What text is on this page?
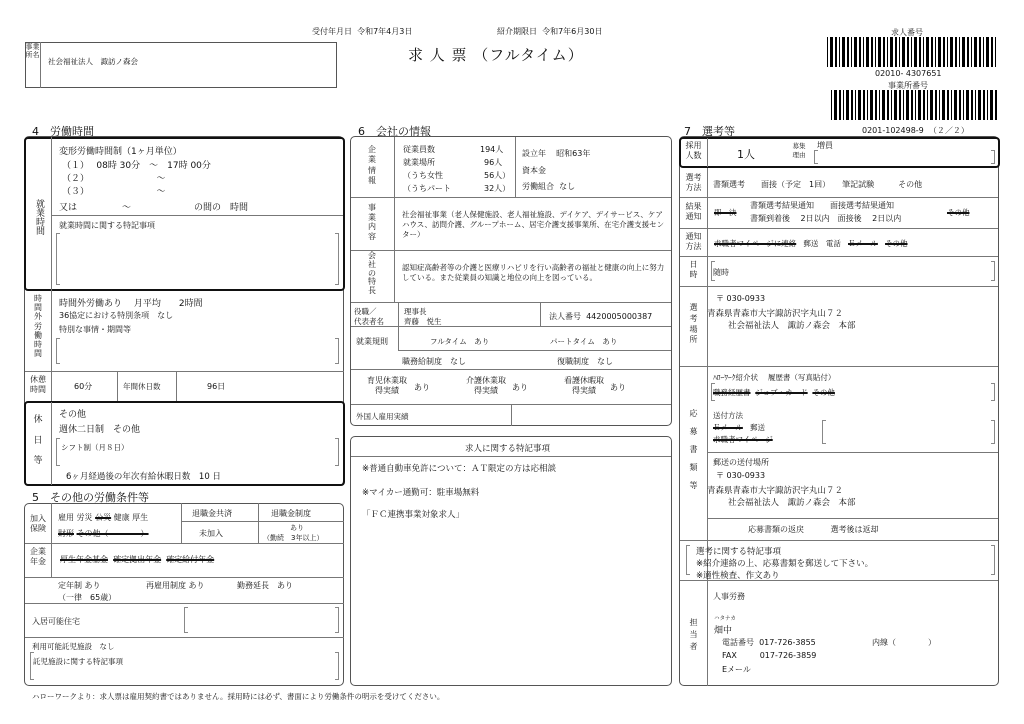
受付年月日 令和7年4月3日	紹介期限日 令和7年6月30日
求 人 票 （フルタイム）
事業所名
社会福祉法人　諏訪ノ森会
求人番号
02010- 4307651
事業所番号
0201-102498-9 （２／２）
4　労働時間
就業時間
変形労働時間制（1ヶ月単位）
（１）　 08時 30分　～　17時 00分
（２）　　　　　　　　～
（３）　　　　　　　　～
又は　　　　　～　　　　　　　の間の　時間
就業時間に関する特記事項
時
間
外
労
働
時
間
時間外労働あり　 月平均　　2時間
36協定における特別条項　なし
特別な事情・期間等
休憩
時間	60分	年間休日数	96日
休
日
等
その他
週休二日制　その他
シフト制（月８日）
6ヶ月経過後の年次有給休暇日数　10 日
5　その他の労働条件等
加入
保険
雇用 労災 公災 健康 厚生
財形 その他（　　　　）
退職金共済	退職金制度
未加入
あり
（勤続　3年以上）
企業
年金	厚生年金基金 確定拠出年金 確定給付年金
定年制 あり
（一律　65歳）
再雇用制度 あり	勤務延長　あり
入居可能住宅
利用可能託児施設　なし
託児施設に関する特記事項
6　会社の情報
企
業
情
報
従業員数	194人
就業場所	96人
（うち女性	56人）
（うちパート	32人）
設立年 昭和63年
資本金
労働組合 なし
事
業
内
容
社会福祉事業（老人保健施設、老人福祉施設、デイケア、デイサービス、ケアハウス、訪問介護、グループホーム、居宅介護支援事業所、在宅介護支援センター）
会
社
の
特
長
認知症高齢者等の介護と医療リハビリを行い高齢者の福祉と健康の向上に努力している。また従業員の知識と地位の向上を図っている。
役職／
代表者名
理事長
齊藤　悦生
法人番号 4420005000387
就業規則	フルタイム　あり	パートタイム　あり
職務給制度　なし	復職制度　なし
育児休業取得実績	あり
介護休業取得実績	あり
看護休暇取得実績	あり
外国人雇用実績
求人に関する特記事項
※普通自動車免許について：ＡＴ限定の方は応相談
※マイカー通勤可：駐車場無料
「ＦＣ連携事業対象求人」
7　選考等
採用
人数	1人
募集
理由
増員
選考
方法	書類選考　　面接（予定　1回）　　筆記試験　　　その他
結果
通知	即　決
書類選考結果通知　　面接選考結果通知
書類到着後　 2日以内　面接後　 2日以内
その他
通知
方法	求職者マイページに連絡 郵送　電話 Ｅメール その他
日
時	随時
選
考
場
所
〒 030-0933
青森県青森市大字諏訪沢字丸山７２
社会福祉法人　諏訪ノ森会　本部
応
募
書
類
等
ﾊﾛｰﾜｰｸ紹介状　 履歴書（写真貼付）
職務経歴書 ジョブ・カード その他
送付方法
Ｅメール 郵送
求職者マイページ
郵送の送付場所
〒 030-0933
青森県青森市大字諏訪沢字丸山７２
社会福祉法人　諏訪ノ森会　本部
応募書類の返戻　　　 選考後は返却
選考に関する特記事項
※紹介連絡の上、応募書類を郵送して下さい。
※適性検査、作文あり
担
当
者
人事労務
ハタナカ
畑中
電話番号 017-726-3855	内線（　　　　）
FAX	017-726-3859
Eメール
ハローワークより：求人票は雇用契約書ではありません。採用時には必ず、書面により労働条件の明示を受けてください。
